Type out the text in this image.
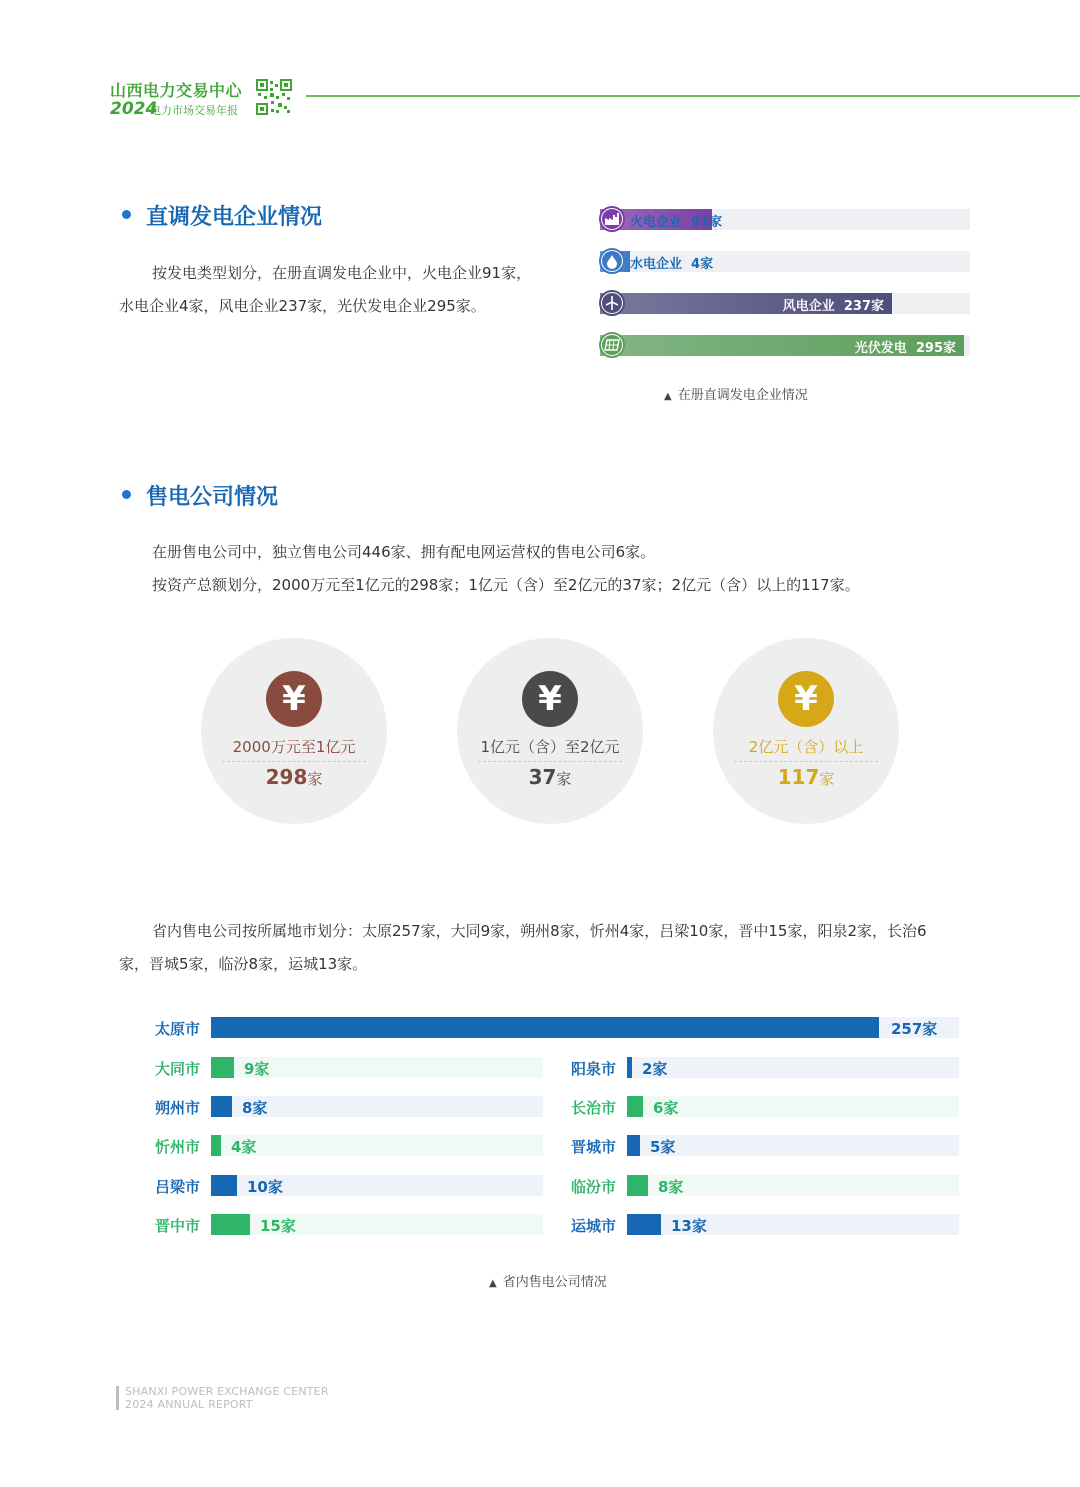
山西电力交易中心
2024
电力市场交易年报
直调发电企业情况
按发电类型划分，在册直调发电企业中，火电企业91家，
水电企业4家，风电企业237家，光伏发电企业295家。
火电企业  91家
水电企业  4家
风电企业  237家
光伏发电  295家
▲ 在册直调发电企业情况
售电公司情况
在册售电公司中，独立售电公司446家、拥有配电网运营权的售电公司6家。
按资产总额划分，2000万元至1亿元的298家；1亿元（含）至2亿元的37家；2亿元（含）以上的117家。
¥
2000万元至1亿元
298家
¥
1亿元（含）至2亿元
37家
¥
2亿元（含）以上
117家
省内售电公司按所属地市划分：太原257家，大同9家，朔州8家，忻州4家，吕梁10家，晋中15家，阳泉2家，长治6
家，晋城5家，临汾8家，运城13家。
太原市	257家
大同市	9家
朔州市	8家
忻州市 4家
吕梁市	10家
晋中市	15家
阳泉市 2家
长治市 6家
晋城市 5家
临汾市	8家
运城市	13家
▲ 省内售电公司情况
SHANXI POWER EXCHANGE CENTER
2024 ANNUAL REPORT
